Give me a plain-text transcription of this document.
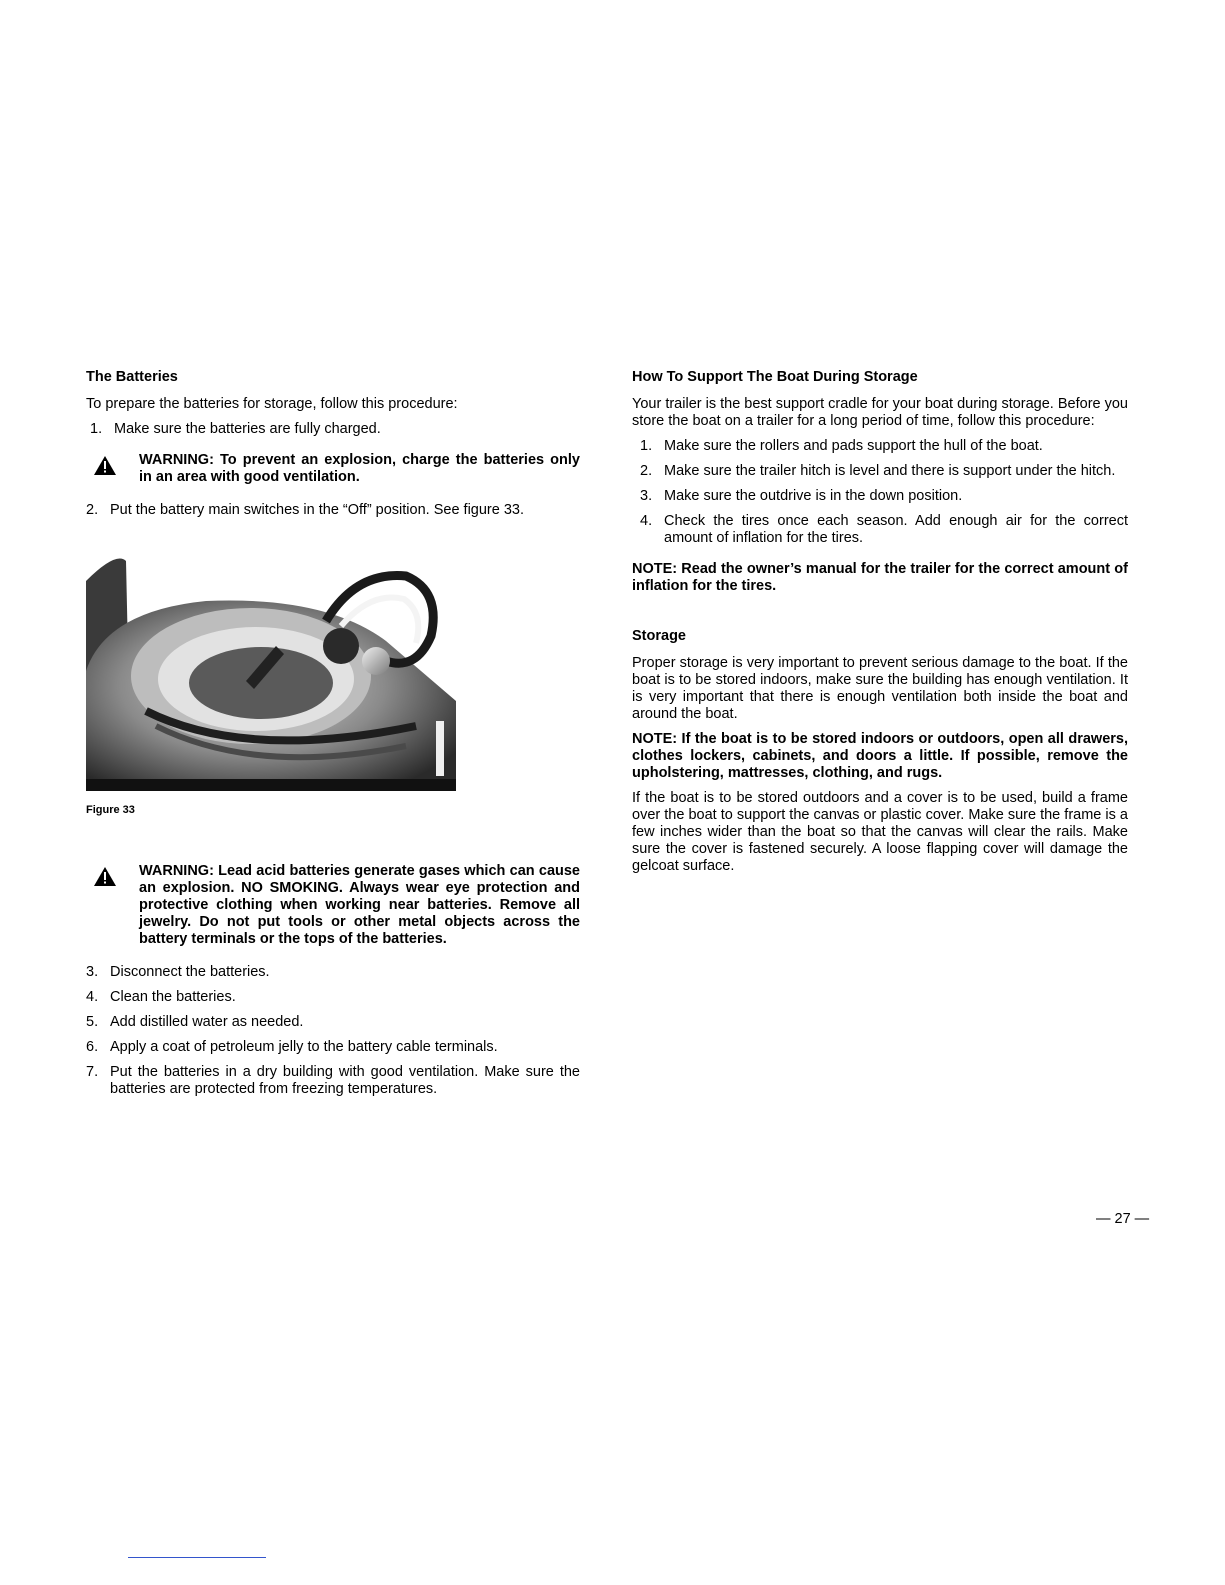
The Batteries

To prepare the batteries for storage, follow this procedure:

1. Make sure the batteries are fully charged.
WARNING: To prevent an explosion, charge the batteries only in an area with good ventilation.
2. Put the battery main switches in the “Off” position. See figure 33.
Figure 33
WARNING: Lead acid batteries generate gases which can cause an explosion. NO SMOKING. Always wear eye protection and protective clothing when working near batteries. Remove all jewelry. Do not put tools or other metal objects across the battery terminals or the tops of the batteries.
3. Disconnect the batteries.
4. Clean the batteries.
5. Add distilled water as needed.
6. Apply a coat of petroleum jelly to the battery cable terminals.
7. Put the batteries in a dry building with good ventilation. Make sure the batteries are protected from freezing temperatures.
How To Support The Boat During Storage

Your trailer is the best support cradle for your boat during storage. Before you store the boat on a trailer for a long period of time, follow this procedure:

1. Make sure the rollers and pads support the hull of the boat.
2. Make sure the trailer hitch is level and there is support under the hitch.
3. Make sure the outdrive is in the down position.
4. Check the tires once each season. Add enough air for the correct amount of inflation for the tires.

NOTE: Read the owner’s manual for the trailer for the correct amount of inflation for the tires.

Storage

Proper storage is very important to prevent serious damage to the boat. If the boat is to be stored indoors, make sure the building has enough ventilation. It is very important that there is enough ventilation both inside the boat and around the boat.

NOTE: If the boat is to be stored indoors or outdoors, open all drawers, clothes lockers, cabinets, and doors a little. If possible, remove the upholstering, mattresses, clothing, and rugs.

If the boat is to be stored outdoors and a cover is to be used, build a frame over the boat to support the canvas or plastic cover. Make sure the frame is a few inches wider than the boat so that the canvas will clear the rails. Make sure the cover is fastened securely. A loose flapping cover will damage the gelcoat surface.

— 27 —
